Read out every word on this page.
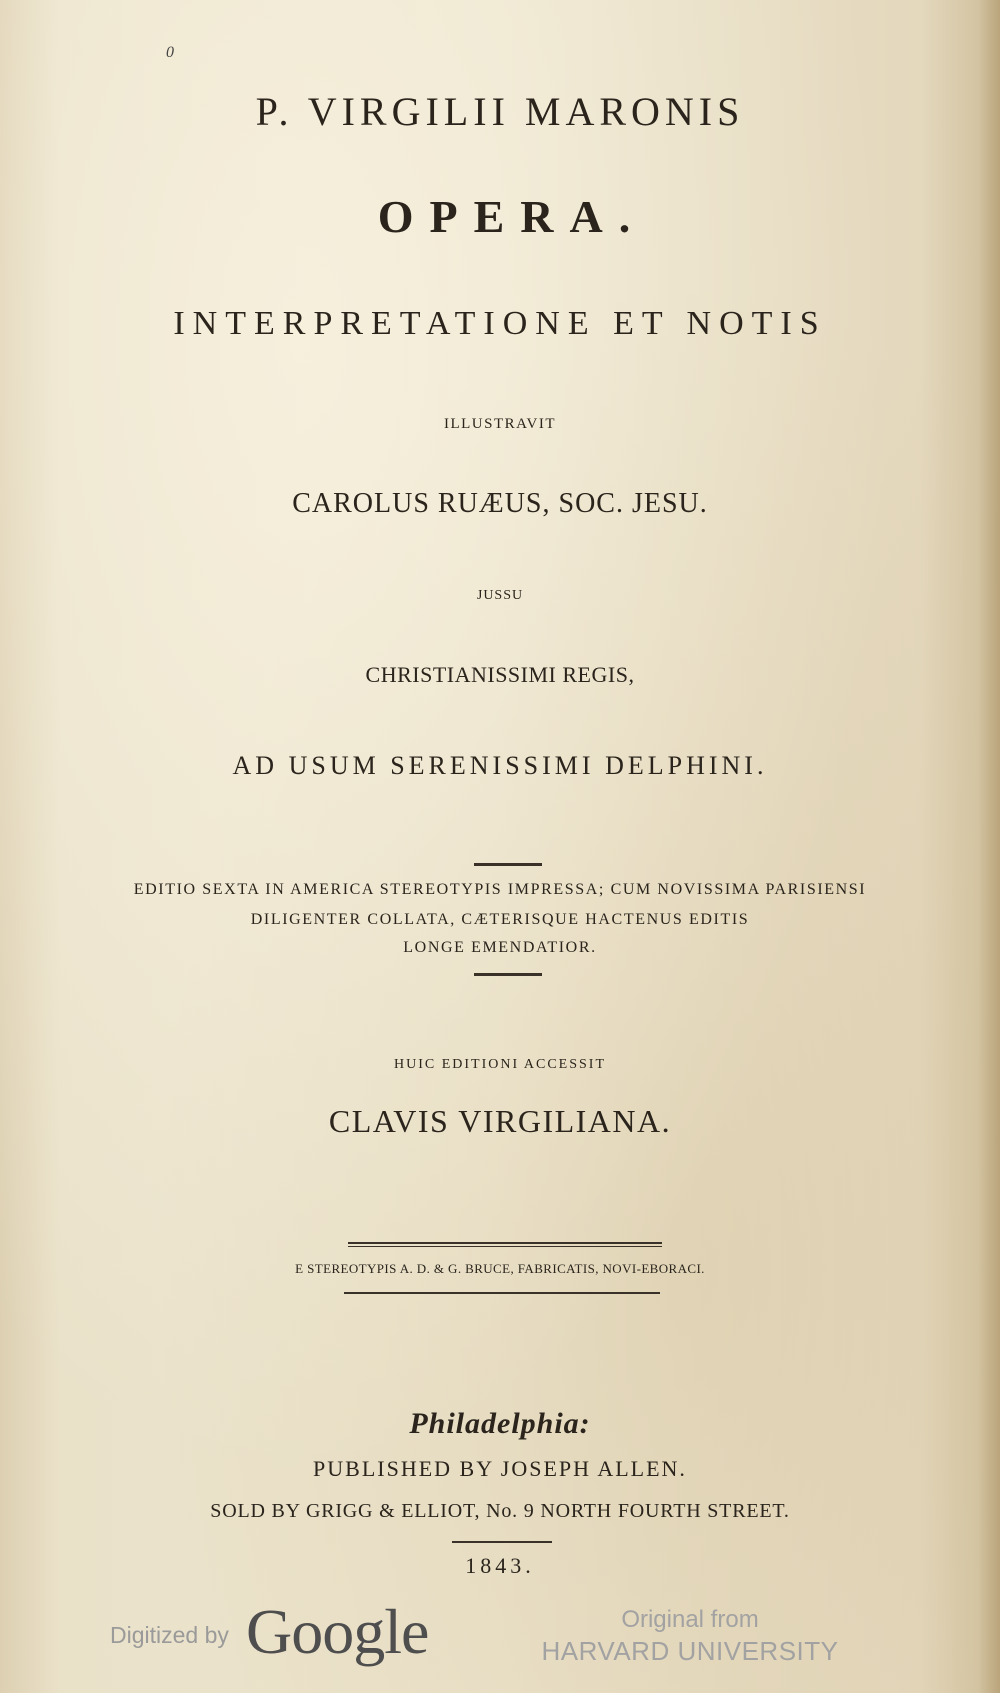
0
P. VIRGILII MARONIS
OPERA.
INTERPRETATIONE ET NOTIS
ILLUSTRAVIT
CAROLUS RUÆUS, SOC. JESU.
JUSSU
CHRISTIANISSIMI REGIS,
AD USUM SERENISSIMI DELPHINI.
EDITIO SEXTA IN AMERICA STEREOTYPIS IMPRESSA; CUM NOVISSIMA PARISIENSI
DILIGENTER COLLATA, CÆTERISQUE HACTENUS EDITIS
LONGE EMENDATIOR.
HUIC EDITIONI ACCESSIT
CLAVIS VIRGILIANA.
E STEREOTYPIS A. D. & G. BRUCE, FABRICATIS, NOVI-EBORACI.
Philadelphia:
PUBLISHED BY JOSEPH ALLEN.
SOLD BY GRIGG & ELLIOT, No. 9 NORTH FOURTH STREET.
1843.
Digitized by Google	Original from
HARVARD UNIVERSITY
